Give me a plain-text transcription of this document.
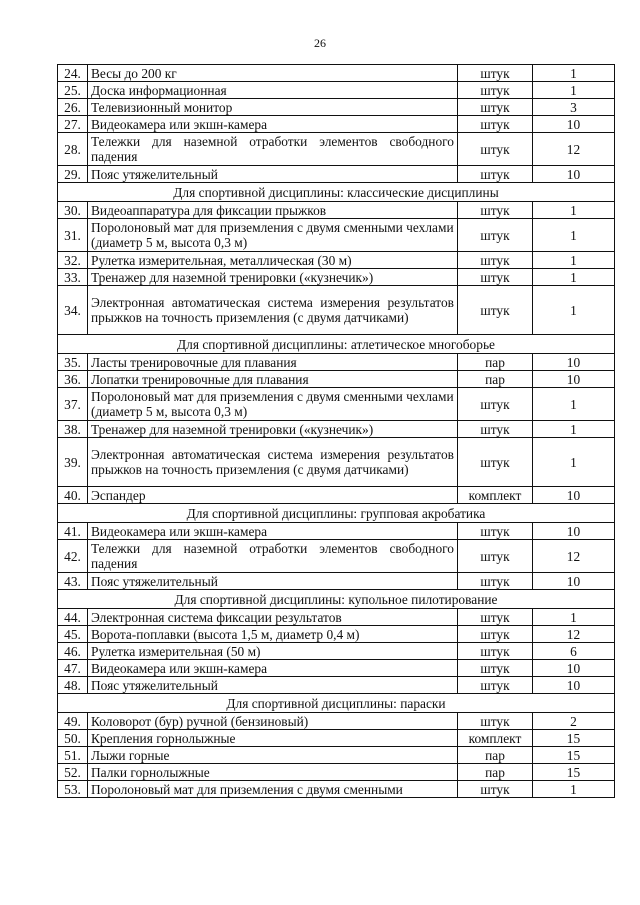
26
24.	Весы до 200 кг	штук	1
25.	Доска информационная	штук	1
26.	Телевизионный монитор	штук	3
27.	Видеокамера или экшн-камера	штук	10
28.	Тележки для наземной отработки элементов свободного падения	штук	12
29.	Пояс утяжелительный	штук	10
Для спортивной дисциплины: классические дисциплины			
30.	Видеоаппаратура для фиксации прыжков	штук	1
31.	Поролоновый мат для приземления с двумя сменными чехлами (диаметр 5 м, высота 0,3 м)	штук	1
32.	Рулетка измерительная, металлическая (30 м)	штук	1
33.	Тренажер для наземной тренировки («кузнечик»)	штук	1
34.	Электронная автоматическая система измерения результатов прыжков на точность приземления (с двумя датчиками)	штук	1
Для спортивной дисциплины: атлетическое многоборье			
35.	Ласты тренировочные для плавания	пар	10
36.	Лопатки тренировочные для плавания	пар	10
37.	Поролоновый мат для приземления с двумя сменными чехлами (диаметр 5 м, высота 0,3 м)	штук	1
38.	Тренажер для наземной тренировки («кузнечик»)	штук	1
39.	Электронная автоматическая система измерения результатов прыжков на точность приземления (с двумя датчиками)	штук	1
40.	Эспандер	комплект	10
Для спортивной дисциплины: групповая акробатика			
41.	Видеокамера или экшн-камера	штук	10
42.	Тележки для наземной отработки элементов свободного падения	штук	12
43.	Пояс утяжелительный	штук	10
Для спортивной дисциплины: купольное пилотирование			
44.	Электронная система фиксации результатов	штук	1
45.	Ворота-поплавки (высота 1,5 м, диаметр 0,4 м)	штук	12
46.	Рулетка измерительная (50 м)	штук	6
47.	Видеокамера или экшн-камера	штук	10
48.	Пояс утяжелительный	штук	10
Для спортивной дисциплины: параски			
49.	Коловорот (бур) ручной (бензиновый)	штук	2
50.	Крепления горнолыжные	комплект	15
51.	Лыжи горные	пар	15
52.	Палки горнолыжные	пар	15
53.	Поролоновый мат для приземления с двумя сменными	штук	1
